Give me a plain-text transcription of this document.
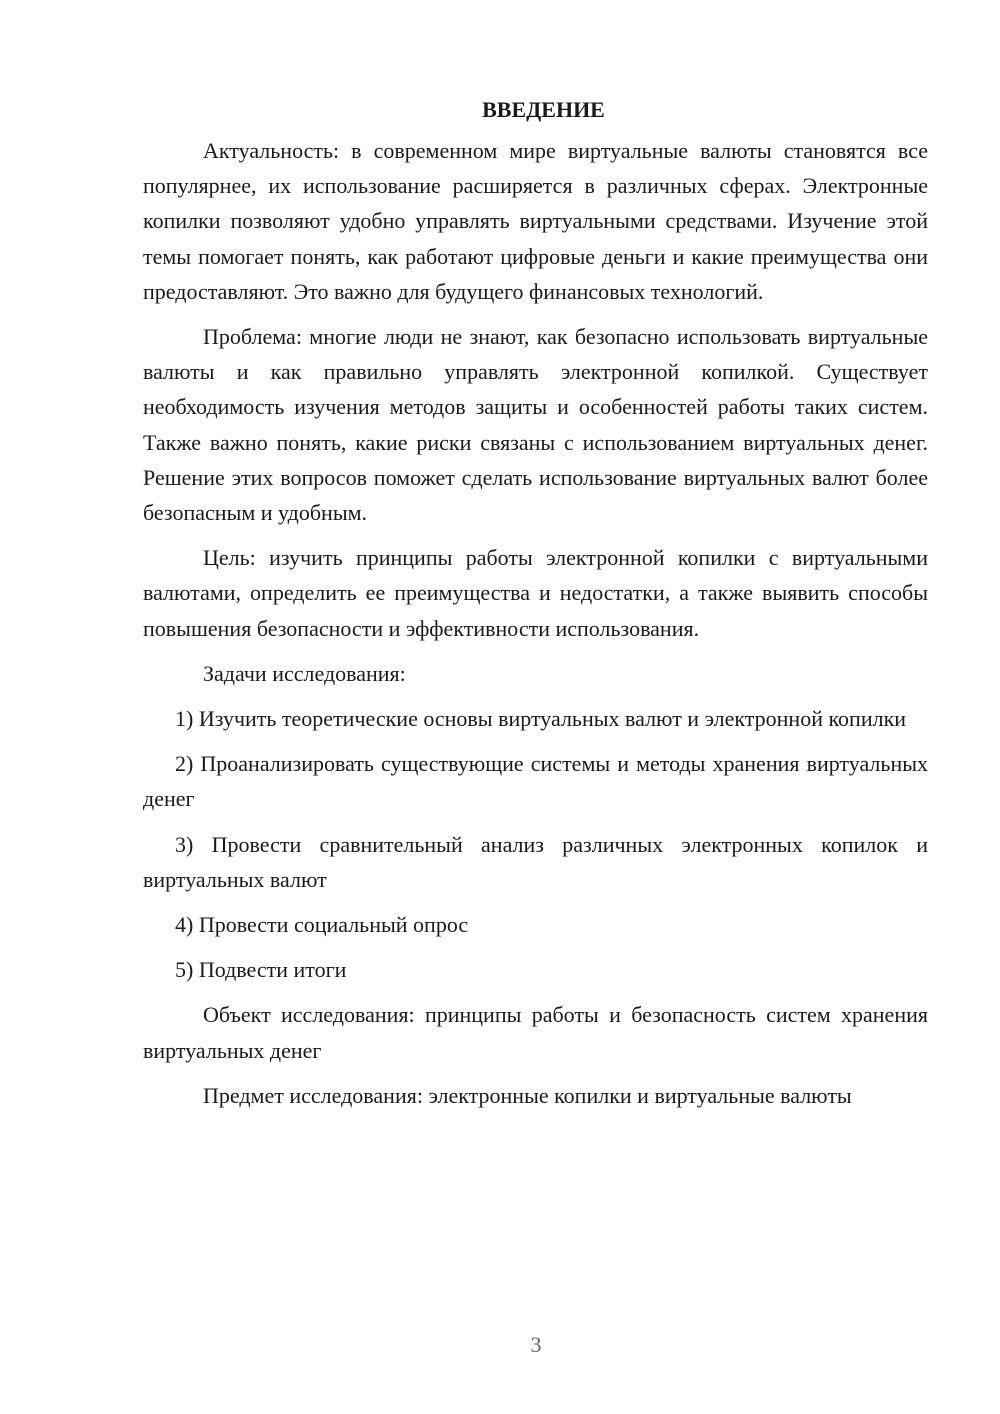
ВВЕДЕНИЕ

Актуальность: в современном мире виртуальные валюты становятся все популярнее, их использование расширяется в различных сферах. Электронные копилки позволяют удобно управлять виртуальными средствами. Изучение этой темы помогает понять, как работают цифровые деньги и какие преимущества они предоставляют. Это важно для будущего финансовых технологий.

Проблема: многие люди не знают, как безопасно использовать виртуальные валюты и как правильно управлять электронной копилкой. Существует необходимость изучения методов защиты и особенностей работы таких систем. Также важно понять, какие риски связаны с использованием виртуальных денег. Решение этих вопросов поможет сделать использование виртуальных валют более безопасным и удобным.

Цель: изучить принципы работы электронной копилки с виртуальными валютами, определить ее преимущества и недостатки, а также выявить способы повышения безопасности и эффективности использования.

Задачи исследования:

1) Изучить теоретические основы виртуальных валют и электронной копилки

2) Проанализировать существующие системы и методы хранения виртуальных денег

3) Провести сравнительный анализ различных электронных копилок и виртуальных валют

4) Провести социальный опрос

5) Подвести итоги

Объект исследования: принципы работы и безопасность систем хранения виртуальных денег

Предмет исследования: электронные копилки и виртуальные валюты

3
